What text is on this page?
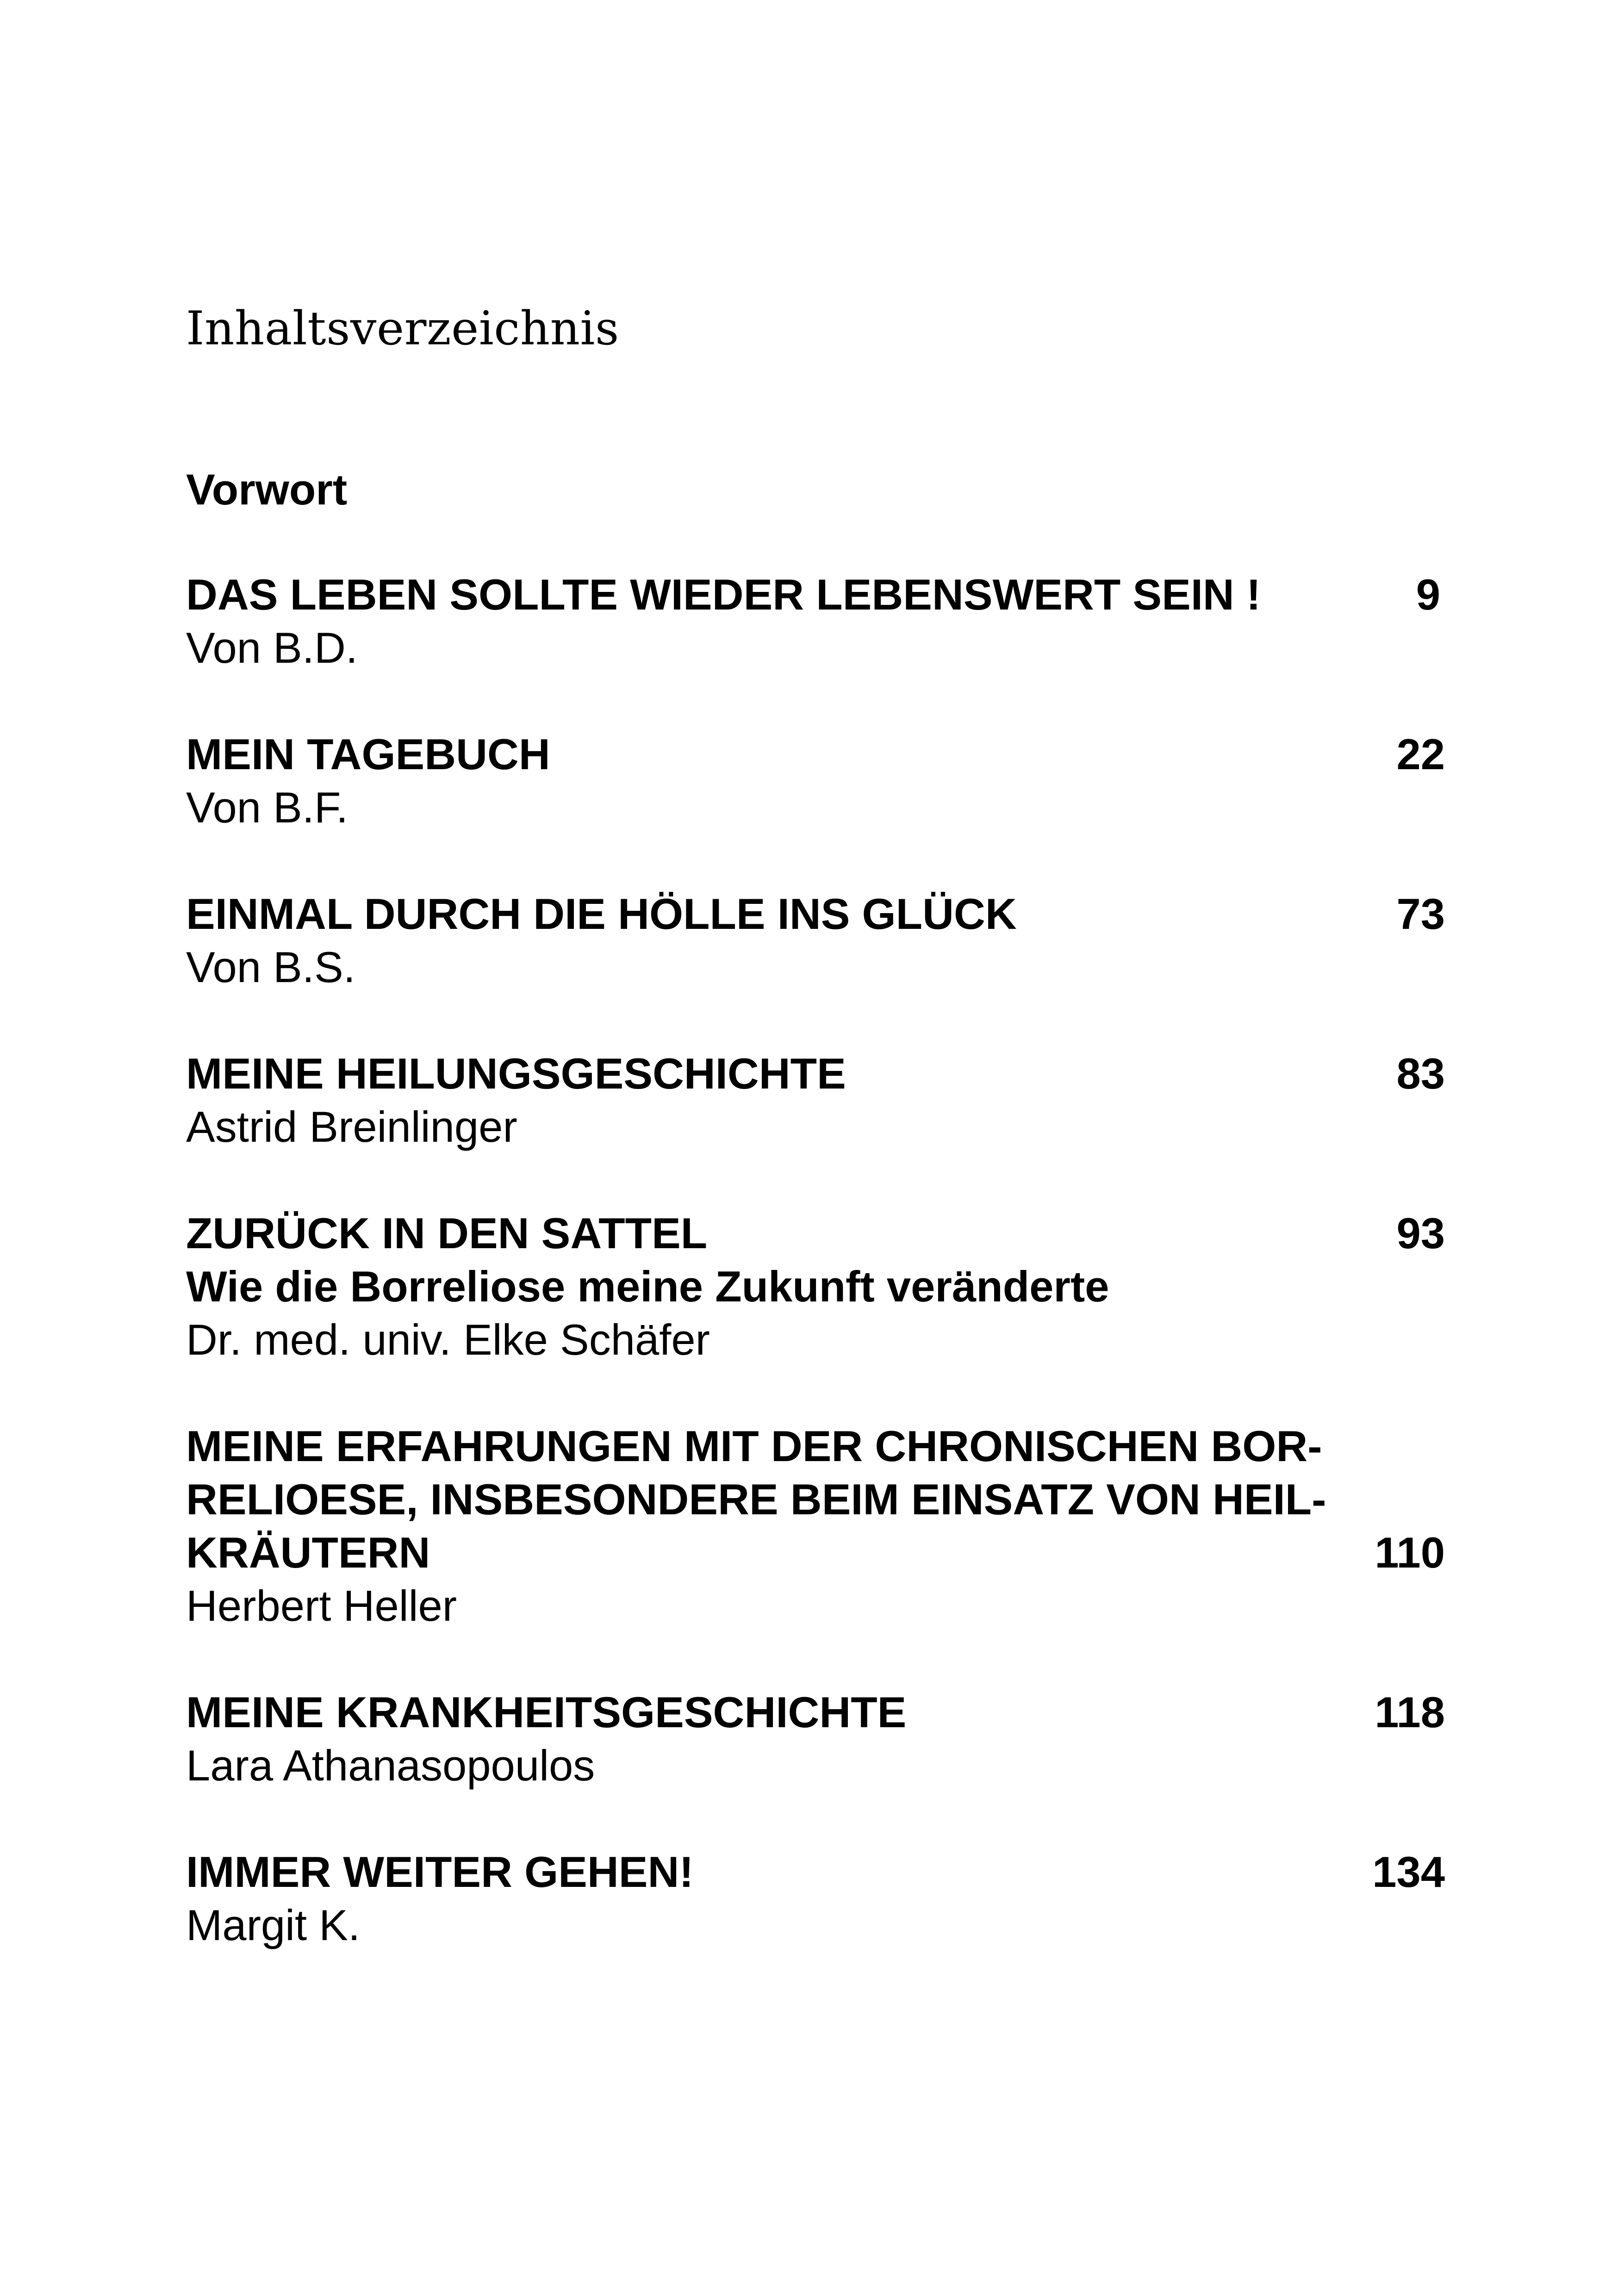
Inhaltsverzeichnis
Vorwort
DAS LEBEN SOLLTE WIEDER LEBENSWERT SEIN !	9
Von B.D.
MEIN TAGEBUCH	22
Von B.F.
EINMAL DURCH DIE HÖLLE INS GLÜCK	73
Von B.S.
MEINE HEILUNGSGESCHICHTE	83
Astrid Breinlinger
ZURÜCK IN DEN SATTEL	93
Wie die Borreliose meine Zukunft veränderte
Dr. med. univ. Elke Schäfer
MEINE ERFAHRUNGEN MIT DER CHRONISCHEN BOR-
RELIOESE, INSBESONDERE BEIM EINSATZ VON HEIL-
KRÄUTERN	110
Herbert Heller
MEINE KRANKHEITSGESCHICHTE	118
Lara Athanasopoulos
IMMER WEITER GEHEN!	134
Margit K.
